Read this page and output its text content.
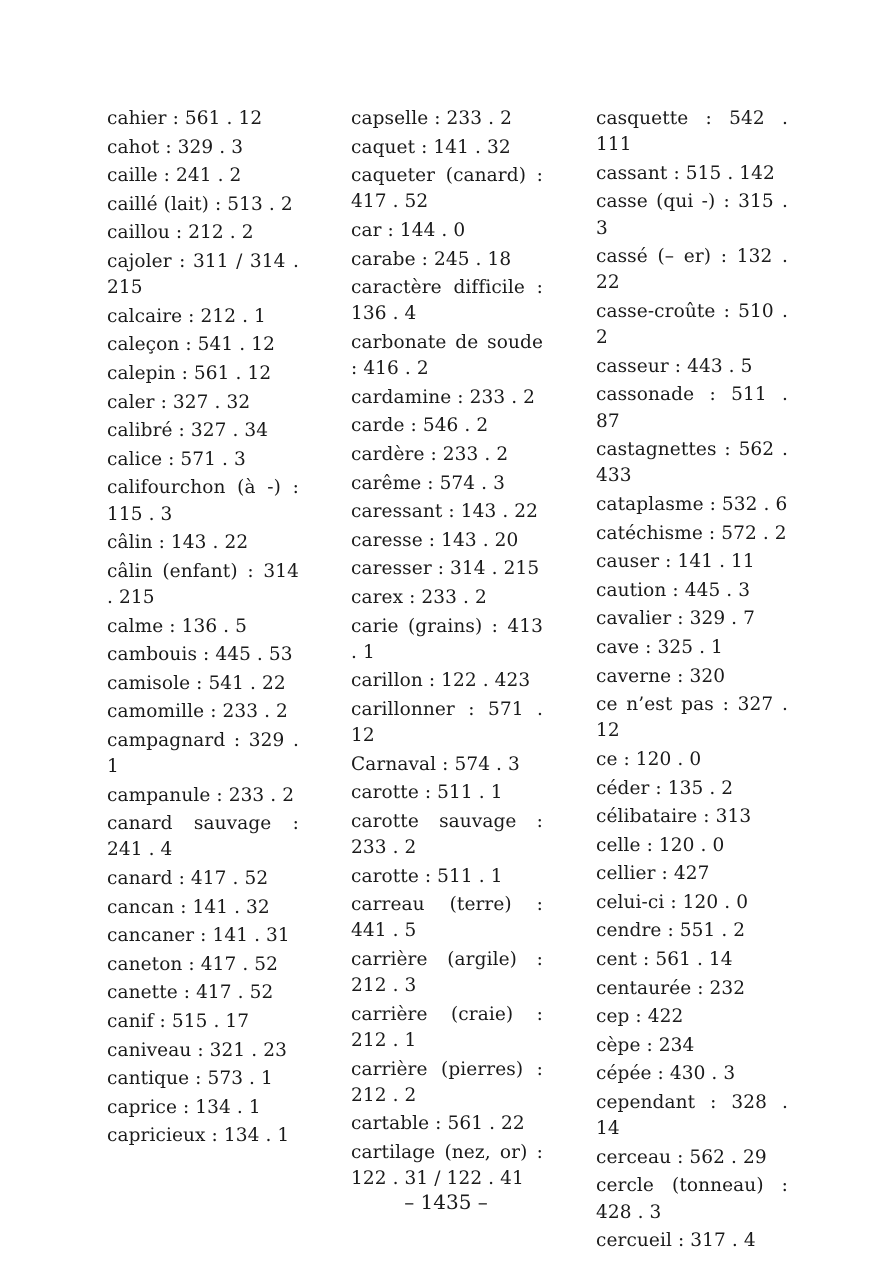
cahier : 561 . 12
cahot : 329 . 3
caille : 241 . 2
caillé (lait) : 513 . 2
caillou : 212 . 2
cajoler : 311 / 314 . 215
calcaire : 212 . 1
caleçon : 541 . 12
calepin : 561 . 12
caler : 327 . 32
calibré : 327 . 34
calice : 571 . 3
califourchon (à -) : 115 . 3
câlin : 143 . 22
câlin (enfant) : 314 . 215
calme : 136 . 5
cambouis : 445 . 53
camisole : 541 . 22
camomille : 233 . 2
campagnard : 329 . 1
campanule : 233 . 2
canard sauvage : 241 . 4
canard : 417 . 52
cancan : 141 . 32
cancaner : 141 . 31
caneton : 417 . 52
canette : 417 . 52
canif : 515 . 17
caniveau : 321 . 23
cantique : 573 . 1
caprice : 134 . 1
capricieux : 134 . 1
capselle : 233 . 2
caquet : 141 . 32
caqueter (canard) : 417 . 52
car : 144 . 0
carabe : 245 . 18
caractère difficile : 136 . 4
carbonate de soude : 416 . 2
cardamine : 233 . 2
carde : 546 . 2
cardère : 233 . 2
carême : 574 . 3
caressant : 143 . 22
caresse : 143 . 20
caresser : 314 . 215
carex : 233 . 2
carie (grains) : 413 . 1
carillon : 122 . 423
carillonner : 571 . 12
Carnaval : 574 . 3
carotte : 511 . 1
carotte sauvage : 233 . 2
carotte : 511 . 1
carreau (terre) : 441 . 5
carrière (argile) : 212 . 3
carrière (craie) : 212 . 1
carrière (pierres) : 212 . 2
cartable : 561 . 22
cartilage (nez, or) : 122 . 31 / 122 . 41
casquette : 542 . 111
cassant : 515 . 142
casse (qui -) : 315 . 3
cassé (– er) : 132 . 22
casse-croûte : 510 . 2
casseur : 443 . 5
cassonade : 511 . 87
castagnettes : 562 . 433
cataplasme : 532 . 6
catéchisme : 572 . 2
causer : 141 . 11
caution : 445 . 3
cavalier : 329 . 7
cave : 325 . 1
caverne : 320
ce n’est pas : 327 . 12
ce : 120 . 0
céder : 135 . 2
célibataire : 313
celle : 120 . 0
cellier : 427
celui-ci : 120 . 0
cendre : 551 . 2
cent : 561 . 14
centaurée : 232
cep : 422
cèpe : 234
cépée : 430 . 3
cependant : 328 . 14
cerceau : 562 . 29
cercle (tonneau) : 428 . 3
cercueil : 317 . 4
– 1435 –
